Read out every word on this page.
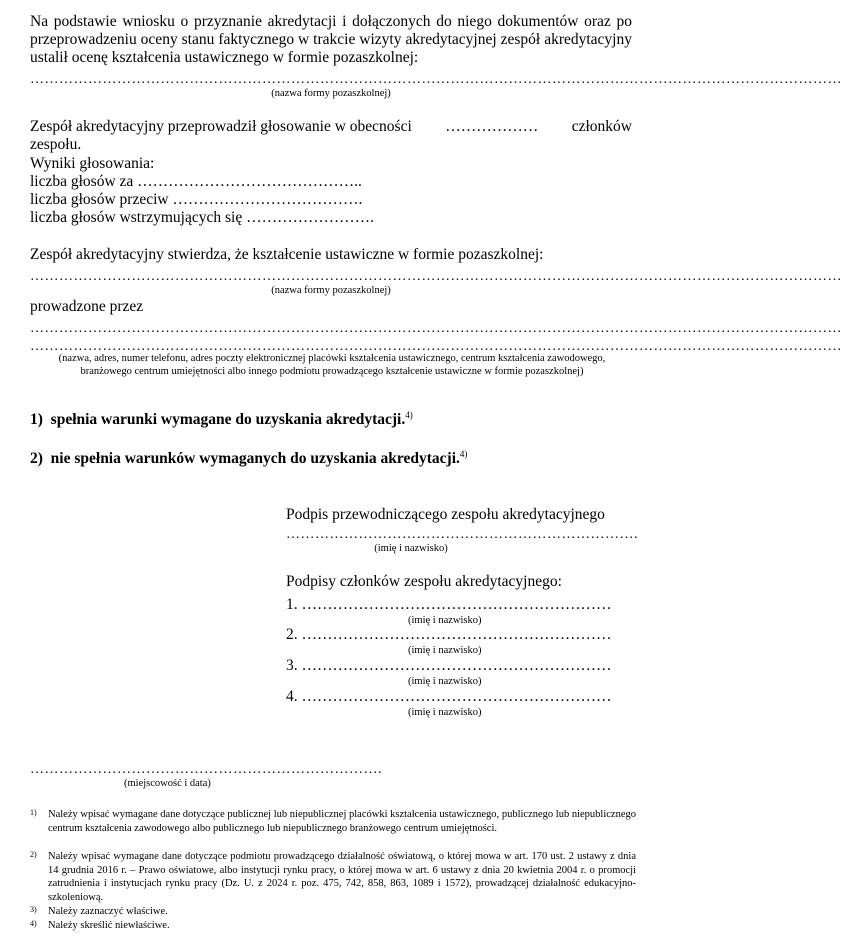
Na podstawie wniosku o przyznanie akredytacji i dołączonych do niego dokumentów oraz po przeprowadzeniu oceny stanu faktycznego w trakcie wizyty akredytacyjnej zespół akredytacyjny ustalił ocenę kształcenia ustawicznego w formie pozaszkolnej:
……………………………………………………………………………………………………………………………………………………
(nazwa formy pozaszkolnej)
Zespół akredytacyjny przeprowadził głosowanie w obecności ……………… członków
zespołu.
Wyniki głosowania:
liczba głosów za ……………………………………..
liczba głosów przeciw ……………………………….
liczba głosów wstrzymujących się …………………….
Zespół akredytacyjny stwierdza, że kształcenie ustawiczne w formie pozaszkolnej:
……………………………………………………………………………………………………………………………………………………
(nazwa formy pozaszkolnej)
prowadzone przez
……………………………………………………………………………………………………………………………………………………
……………………………………………………………………………………………………………………………………………………
(nazwa, adres, numer telefonu, adres poczty elektronicznej placówki kształcenia ustawicznego, centrum kształcenia zawodowego, branżowego centrum umiejętności albo innego podmiotu prowadzącego kształcenie ustawiczne w formie pozaszkolnej)
1) spełnia warunki wymagane do uzyskania akredytacji.$^{4)}$
2) nie spełnia warunków wymaganych do uzyskania akredytacji.$^{4)}$
Podpis przewodniczącego zespołu akredytacyjnego
……………………………………………………………….
(imię i nazwisko)
Podpisy członków zespołu akredytacyjnego:
1. ……………………………………………………
(imię i nazwisko)
2. ……………………………………………………
(imię i nazwisko)
3. ……………………………………………………
(imię i nazwisko)
4. ……………………………………………………
(imię i nazwisko)
……………………………………………………………….
(miejscowość i data)
1) Należy wpisać wymagane dane dotyczące publicznej lub niepublicznej placówki kształcenia ustawicznego, publicznego lub niepublicznego centrum kształcenia zawodowego albo publicznego lub niepublicznego branżowego centrum umiejętności.
2) Należy wpisać wymagane dane dotyczące podmiotu prowadzącego działalność oświatową, o której mowa w art. 170 ust. 2 ustawy z dnia 14 grudnia 2016 r. – Prawo oświatowe, albo instytucji rynku pracy, o której mowa w art. 6 ustawy z dnia 20 kwietnia 2004 r. o promocji zatrudnienia i instytucjach rynku pracy (Dz. U. z 2024 r. poz. 475, 742, 858, 863, 1089 i 1572), prowadzącej działalność edukacyjno-szkoleniową.
3) Należy zaznaczyć właściwe.
4) Należy skreślić niewłaściwe.
